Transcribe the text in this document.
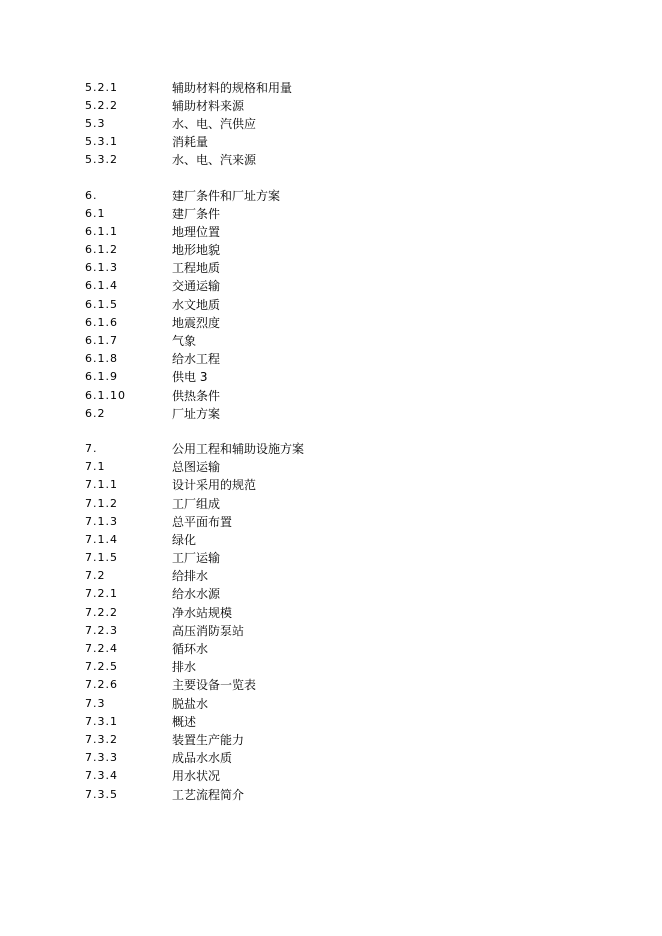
5.2.1	辅助材料的规格和用量
5.2.2	辅助材料来源
5.3	水、电、汽供应
5.3.1	消耗量
5.3.2	水、电、汽来源
6.	建厂条件和厂址方案
6.1	建厂条件
6.1.1	地理位置
6.1.2	地形地貌
6.1.3	工程地质
6.1.4	交通运输
6.1.5	水文地质
6.1.6	地震烈度
6.1.7	气象
6.1.8	给水工程
6.1.9	供电 3
6.1.10	供热条件
6.2	厂址方案
7.	公用工程和辅助设施方案
7.1	总图运输
7.1.1	设计采用的规范
7.1.2	工厂组成
7.1.3	总平面布置
7.1.4	绿化
7.1.5	工厂运输
7.2	给排水
7.2.1	给水水源
7.2.2	净水站规模
7.2.3	高压消防泵站
7.2.4	循环水
7.2.5	排水
7.2.6	主要设备一览表
7.3	脱盐水
7.3.1	概述
7.3.2	装置生产能力
7.3.3	成品水水质
7.3.4	用水状况
7.3.5	工艺流程简介
